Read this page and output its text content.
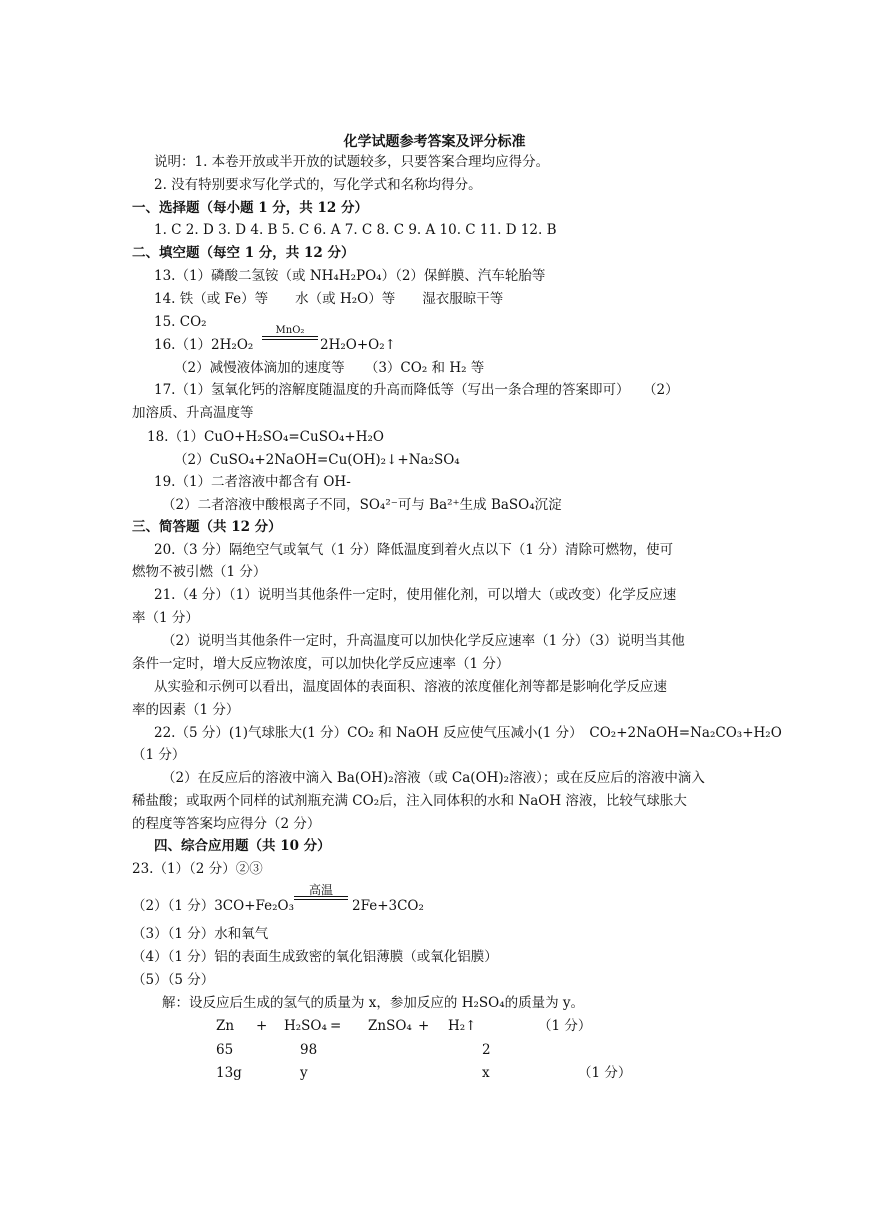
化学试题参考答案及评分标准
说明：1. 本卷开放或半开放的试题较多，只要答案合理均应得分。
2. 没有特别要求写化学式的，写化学式和名称均得分。
一、选择题（每小题 1 分，共 12 分）
1. C 2. D 3. D 4. B 5. C 6. A 7. C 8. C 9. A 10. C 11. D 12. B
二、填空题（每空 1 分，共 12 分）
13.（1）磷酸二氢铵（或 NH₄H₂PO₄）（2）保鲜膜、汽车轮胎等
14. 铁（或 Fe）等　　水（或 H₂O）等　　湿衣服晾干等
15. CO₂
16.（1）2H₂O₂
MnO₂
2H₂O+O₂↑
（2）减慢液体滴加的速度等　　（3）CO₂ 和 H₂ 等
17.（1）氢氧化钙的溶解度随温度的升高而降低等（写出一条合理的答案即可）　　（2）
加溶质、升高温度等
18.（1）CuO+H₂SO₄=CuSO₄+H₂O
（2）CuSO₄+2NaOH=Cu(OH)₂↓+Na₂SO₄
19.（1）二者溶液中都含有 OH-
（2）二者溶液中酸根离子不同，SO₄²⁻可与 Ba²⁺生成 BaSO₄沉淀
三、简答题（共 12 分）
20.（3 分）隔绝空气或氧气（1 分）降低温度到着火点以下（1 分）清除可燃物，使可
燃物不被引燃（1 分）
21.（4 分）（1）说明当其他条件一定时，使用催化剂，可以增大（或改变）化学反应速
率（1 分）
（2）说明当其他条件一定时，升高温度可以加快化学反应速率（1 分）（3）说明当其他
条件一定时，增大反应物浓度，可以加快化学反应速率（1 分）
从实验和示例可以看出，温度固体的表面积、溶液的浓度催化剂等都是影响化学反应速
率的因素（1 分）
22.（5 分）(1)气球胀大(1 分）CO₂ 和 NaOH 反应使气压减小(1 分）　CO₂+2NaOH=Na₂CO₃+H₂O
（1 分）
（2）在反应后的溶液中滴入 Ba(OH)₂溶液（或 Ca(OH)₂溶液）；或在反应后的溶液中滴入
稀盐酸；或取两个同样的试剂瓶充满 CO₂后，注入同体积的水和 NaOH 溶液，比较气球胀大
的程度等答案均应得分（2 分）
四、综合应用题（共 10 分）
23.（1）（2 分）②③
（2）（1 分）3CO+Fe₂O₃
高温
2Fe+3CO₂
（3）（1 分）水和氧气
（4）（1 分）铝的表面生成致密的氧化铝薄膜（或氧化铝膜）
（5）（5 分）
解：设反应后生成的氢气的质量为 x，参加反应的 H₂SO₄的质量为 y。
Zn + H₂SO₄ = ZnSO₄ + H₂↑	（1 分）
65	98	2
13g	y	x	（1 分）
